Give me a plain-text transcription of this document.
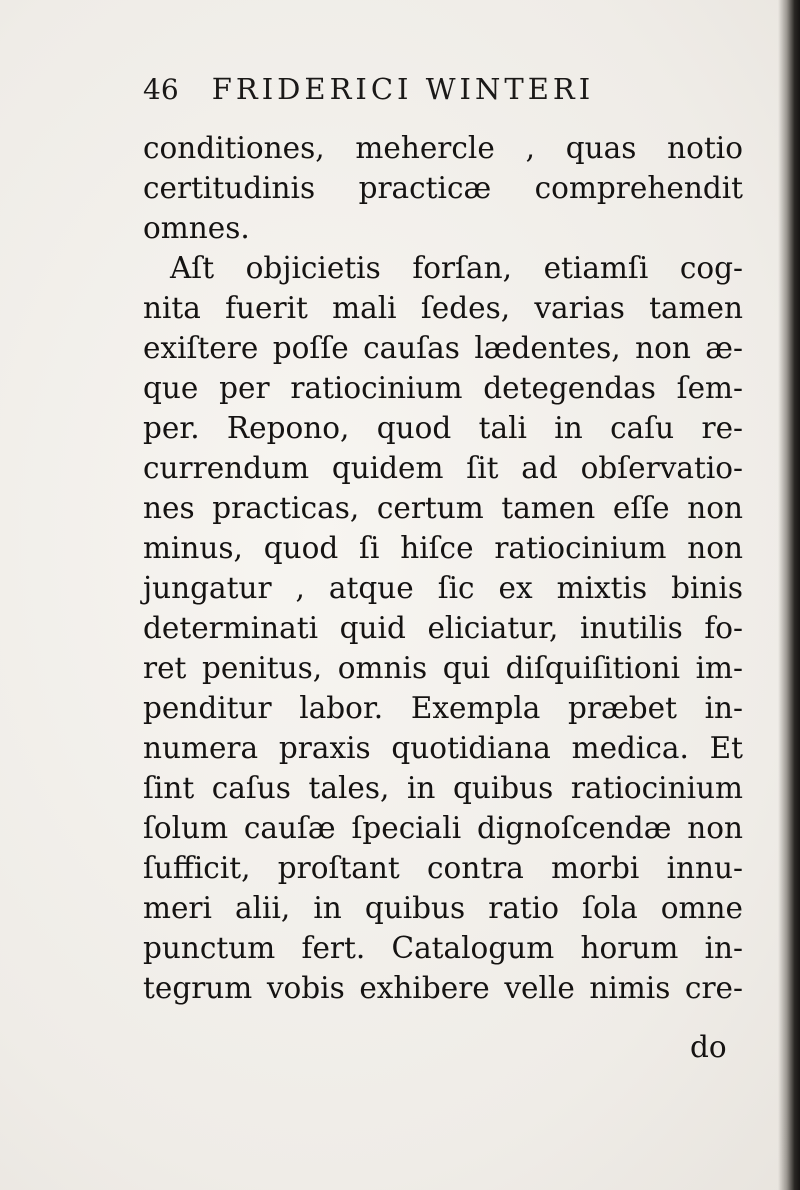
46 FRIDERICI WINTERI
conditiones, mehercle , quas notio
certitudinis practicæ comprehendit
omnes.
Aſt objicietis forſan, etiamſi cog-
nita fuerit mali ſedes, varias tamen
exiſtere poſſe cauſas lædentes, non æ-
que per ratiocinium detegendas ſem-
per. Repono, quod tali in caſu re-
currendum quidem ſit ad obſervatio-
nes practicas, certum tamen eſſe non
minus, quod ſi hiſce ratiocinium non
jungatur , atque ſic ex mixtis binis
determinati quid eliciatur, inutilis fo-
ret penitus, omnis qui diſquiſitioni im-
penditur labor. Exempla præbet in-
numera praxis quotidiana medica. Et
ſint caſus tales, in quibus ratiocinium
ſolum cauſæ ſpeciali dignoſcendæ non
ſufficit, proſtant contra morbi innu-
meri alii, in quibus ratio ſola omne
punctum fert. Catalogum horum in-
tegrum vobis exhibere velle nimis cre-
do
